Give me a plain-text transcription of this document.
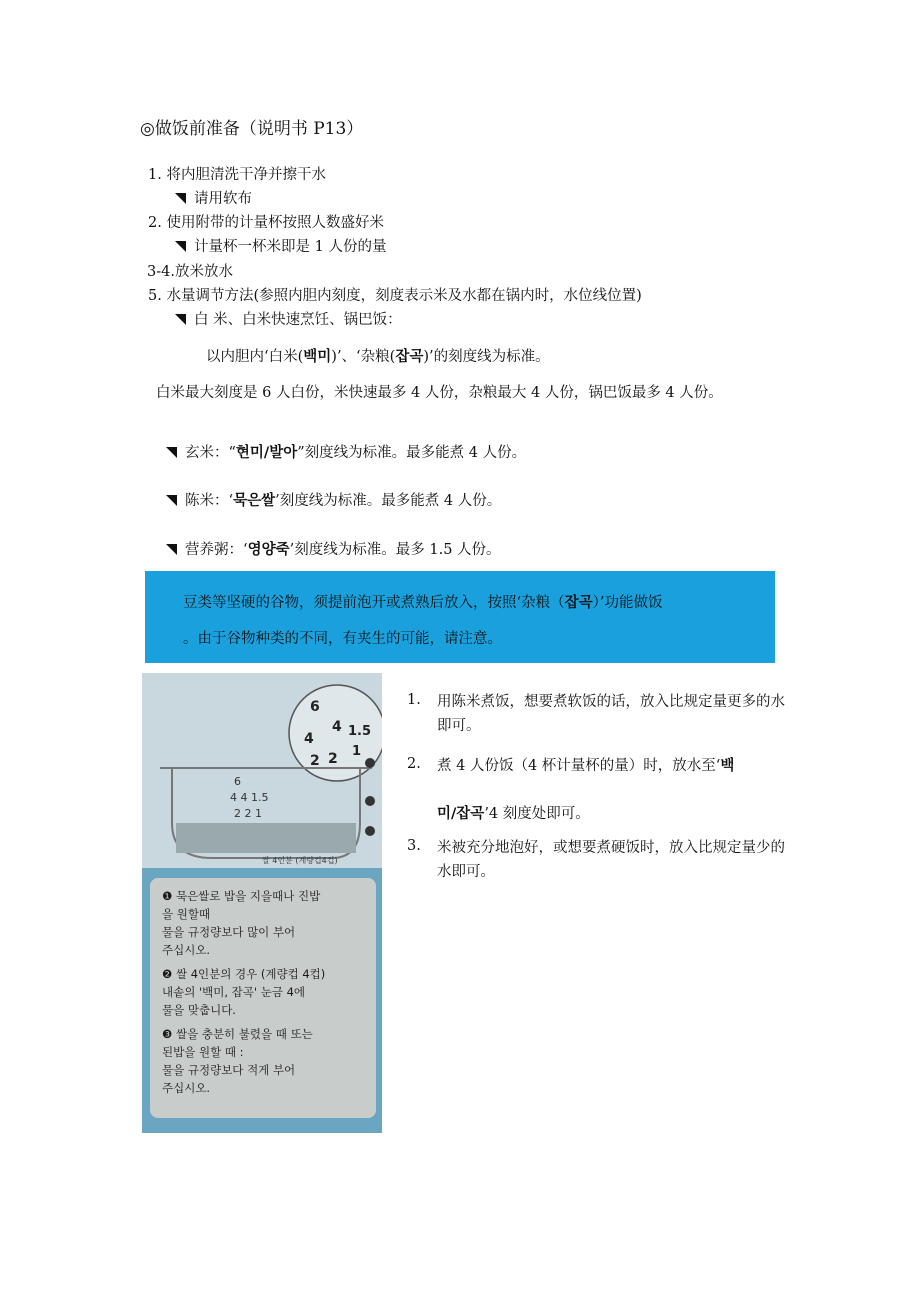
◎做饭前准备（说明书 P13）
1. 将内胆清洗干净并擦干水
请用软布
2. 使用附带的计量杯按照人数盛好米
计量杯一杯米即是 1 人份的量
3-4.放米放水
5. 水量调节方法(参照内胆内刻度，刻度表示米及水都在锅内时，水位线位置)
白 米、白米快速烹饪、锅巴饭：
以内胆内‘白米(백미)’、‘杂粮(잡곡)’的刻度线为标准。
白米最大刻度是 6 人白份，米快速最多 4 人份，杂粮最大 4 人份，锅巴饭最多 4 人份。
玄米：“현미/발아”刻度线为标准。最多能煮 4 人份。
陈米：‘묵은쌀’刻度线为标准。最多能煮 4 人份。
营养粥：‘영양죽’刻度线为标准。最多 1.5 人份。
豆类等坚硬的谷物，须提前泡开或煮熟后放入，按照‘杂粮（잡곡）’功能做饭
。由于谷物种类的不同，有夹生的可能，请注意。
6
4
2
4
2
1.5
1
6
4 4 1.5
2 2 1
쌀 4인분 (계량컵4컵)
❶ 묵은쌀로 밥을 지을때나 진밥
을 원할때
물을 규정량보다 많이 부어
주십시오.
❷ 쌀 4인분의 경우 (계량컵 4컵)
내솥의 '백미, 잡곡' 눈금 4에
물을 맞춥니다.
❸ 쌀을 충분히 불렸을 때 또는
된밥을 원할 때 :
물을 규정량보다 적게 부어
주십시오.
1. 用陈米煮饭，想要煮软饭的话，放入比规定量更多的水即可。
2. 煮 4 人份饭（4 杯计量杯的量）时，放水至‘백

미/잡곡’4 刻度处即可。
3. 米被充分地泡好，或想要煮硬饭时，放入比规定量少的水即可。
